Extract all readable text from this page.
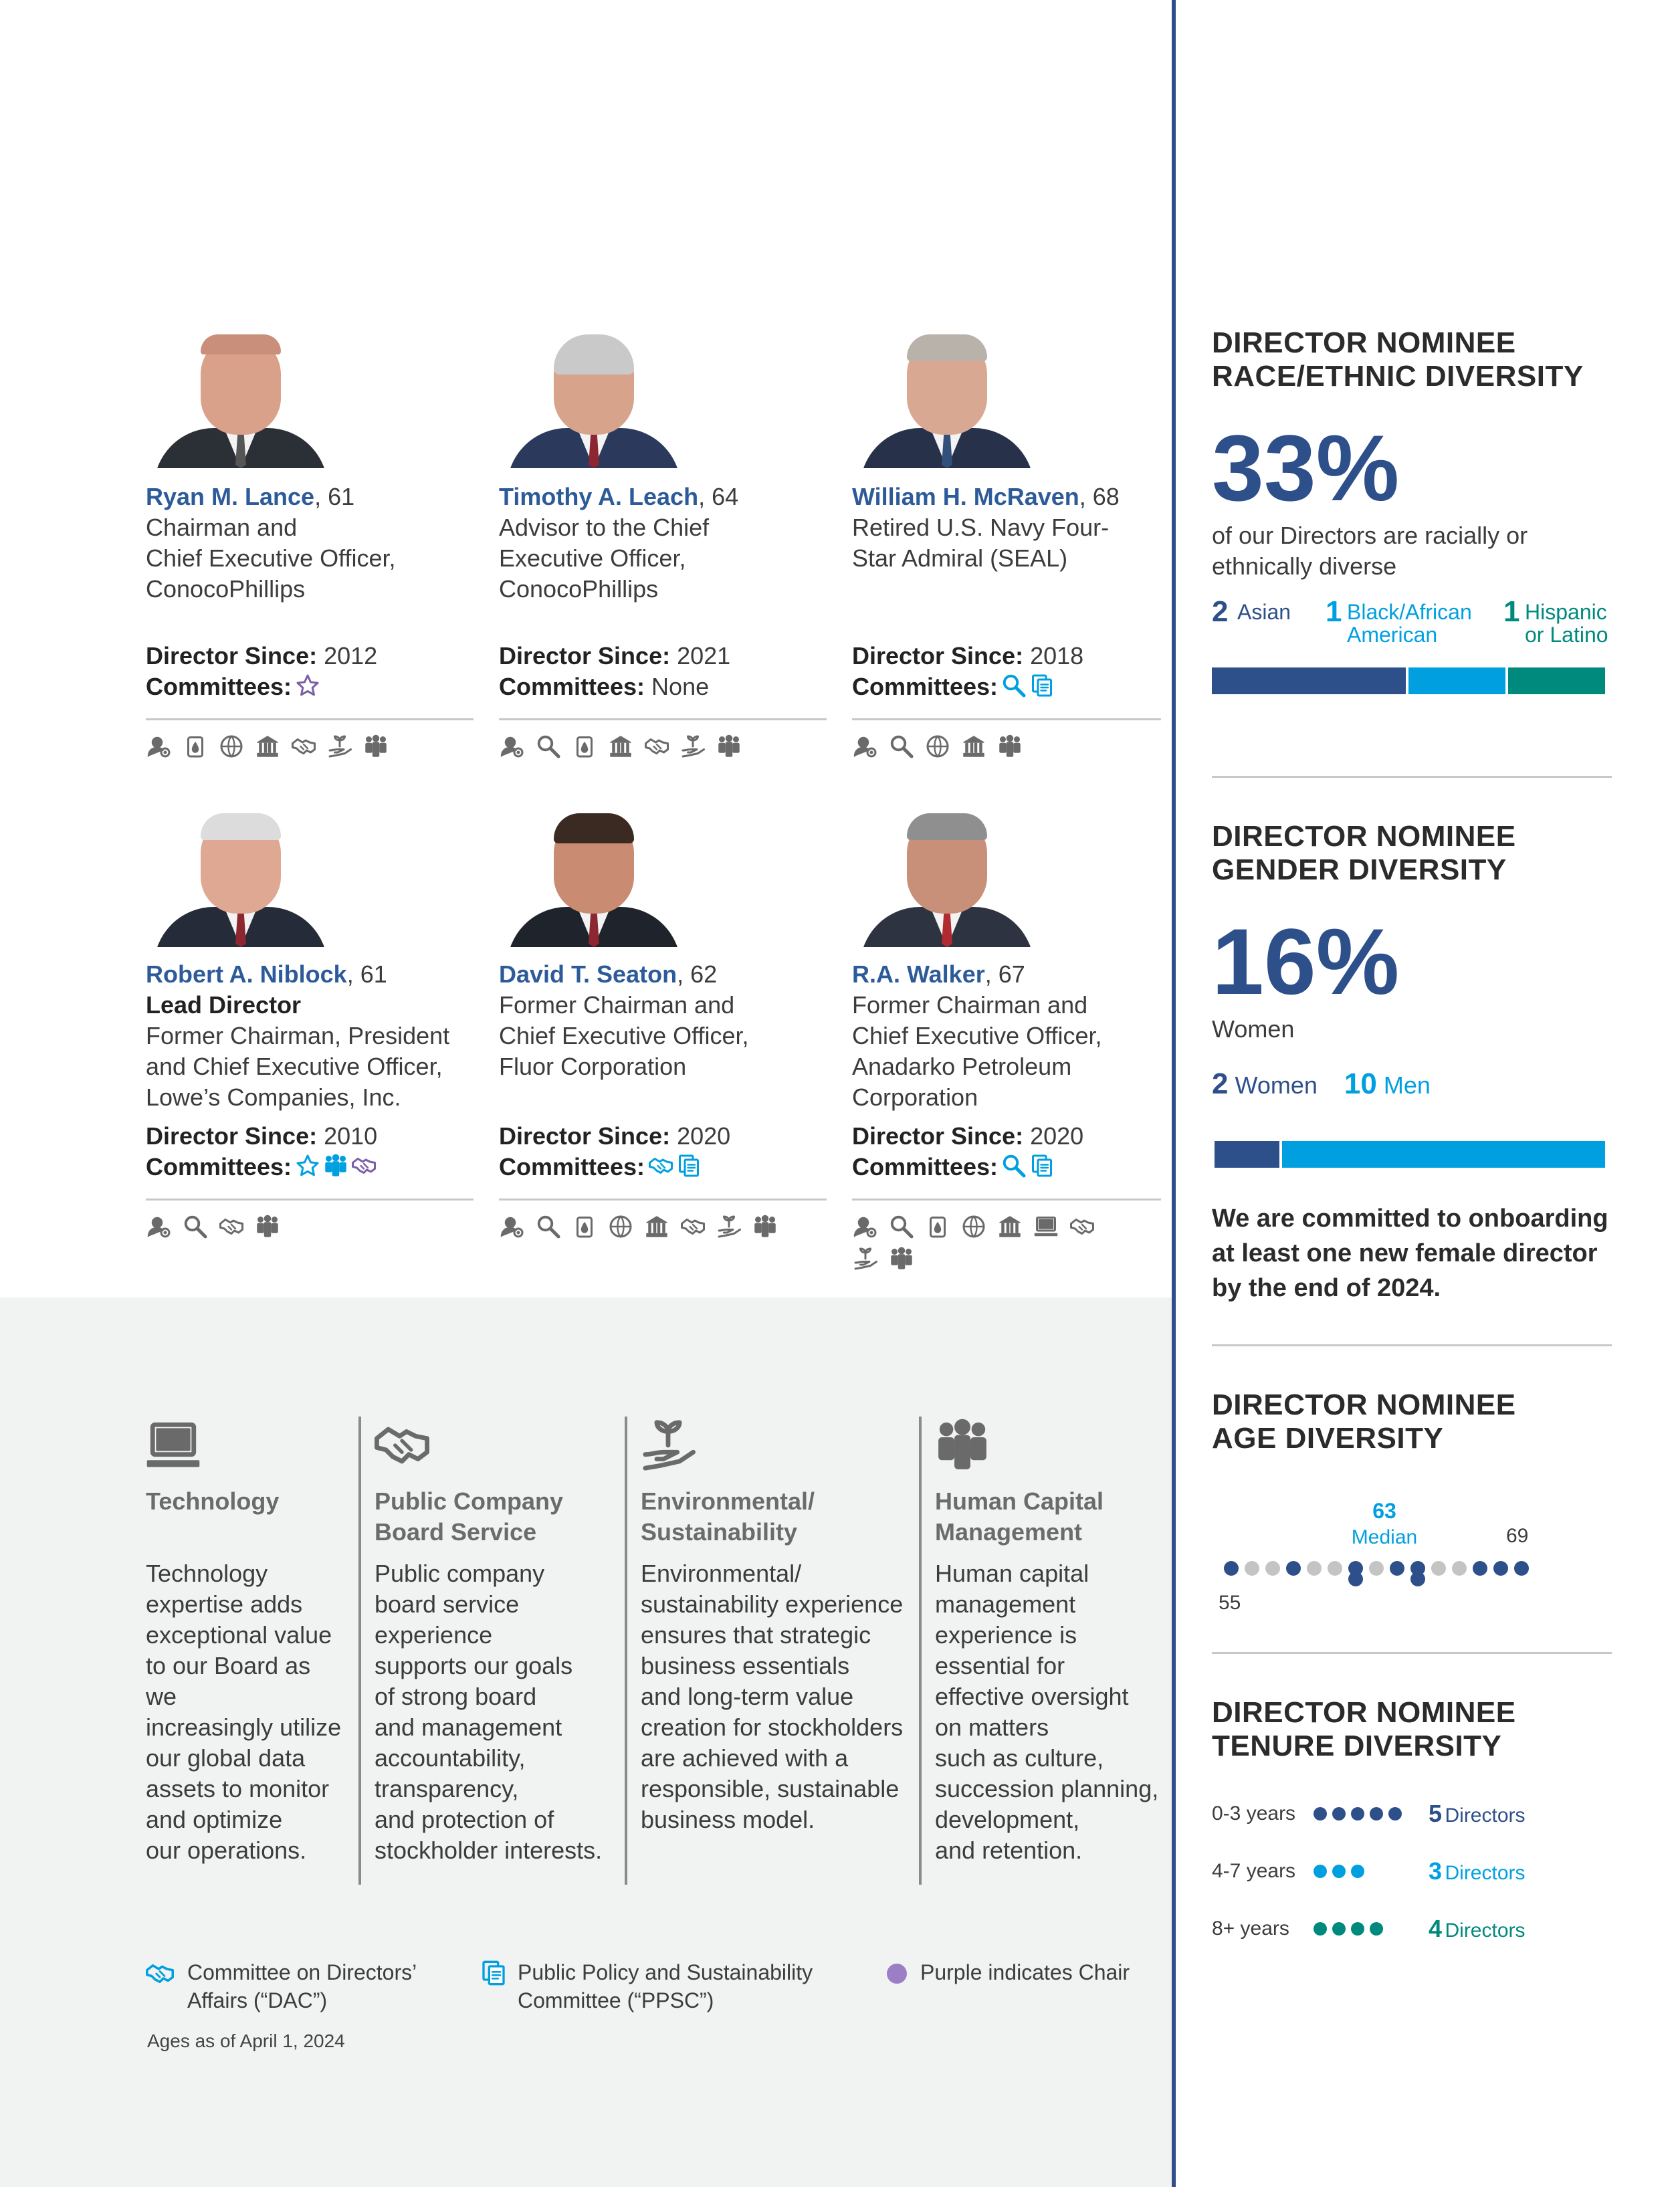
Ryan M. Lance, 61
Chairman and
Chief Executive Officer,
ConocoPhillips
Director Since: 2012
Committees:
Timothy A. Leach, 64
Advisor to the Chief
Executive Officer,
ConocoPhillips
Director Since: 2021
Committees: None
William H. McRaven, 68
Retired U.S. Navy Four-
Star Admiral (SEAL)
Director Since: 2018
Committees:
Robert A. Niblock, 61
Lead Director
Former Chairman, President
and Chief Executive Officer,
Lowe’s Companies, Inc.
Director Since: 2010
Committees:
David T. Seaton, 62
Former Chairman and
Chief Executive Officer,
Fluor Corporation
Director Since: 2020
Committees:
R.A. Walker, 67
Former Chairman and
Chief Executive Officer,
Anadarko Petroleum
Corporation
Director Since: 2020
Committees:
Technology
Technology
expertise adds
exceptional value
to our Board as we
increasingly utilize
our global data
assets to monitor
and optimize
our operations.
Public Company
Board Service
Public company
board service
experience
supports our goals
of strong board
and management
accountability,
transparency,
and protection of
stockholder interests.
Environmental/
Sustainability
Environmental/
sustainability experience
ensures that strategic
business essentials
and long-term value
creation for stockholders
are achieved with a
responsible, sustainable
business model.
Human Capital
Management
Human capital
management
experience is
essential for
effective oversight
on matters
such as culture,
succession planning,
development,
and retention.
Committee on Directors’
Affairs (“DAC”)
Public Policy and Sustainability
Committee (“PPSC”)
Purple indicates Chair
Ages as of April 1, 2024
DIRECTOR NOMINEE
RACE/ETHNIC DIVERSITY
33%
of our Directors are racially or
ethnically diverse
2 Asian 1 Black/African
American
1 Hispanic
or Latino
DIRECTOR NOMINEE
GENDER DIVERSITY
16%
Women
2 Women 10 Men
We are committed to onboarding
at least one new female director
by the end of 2024.
DIRECTOR NOMINEE
AGE DIVERSITY
63
Median	69
55
DIRECTOR NOMINEE
TENURE DIVERSITY
0-3 years	5 Directors
4-7 years	3 Directors
8+ years	4 Directors
